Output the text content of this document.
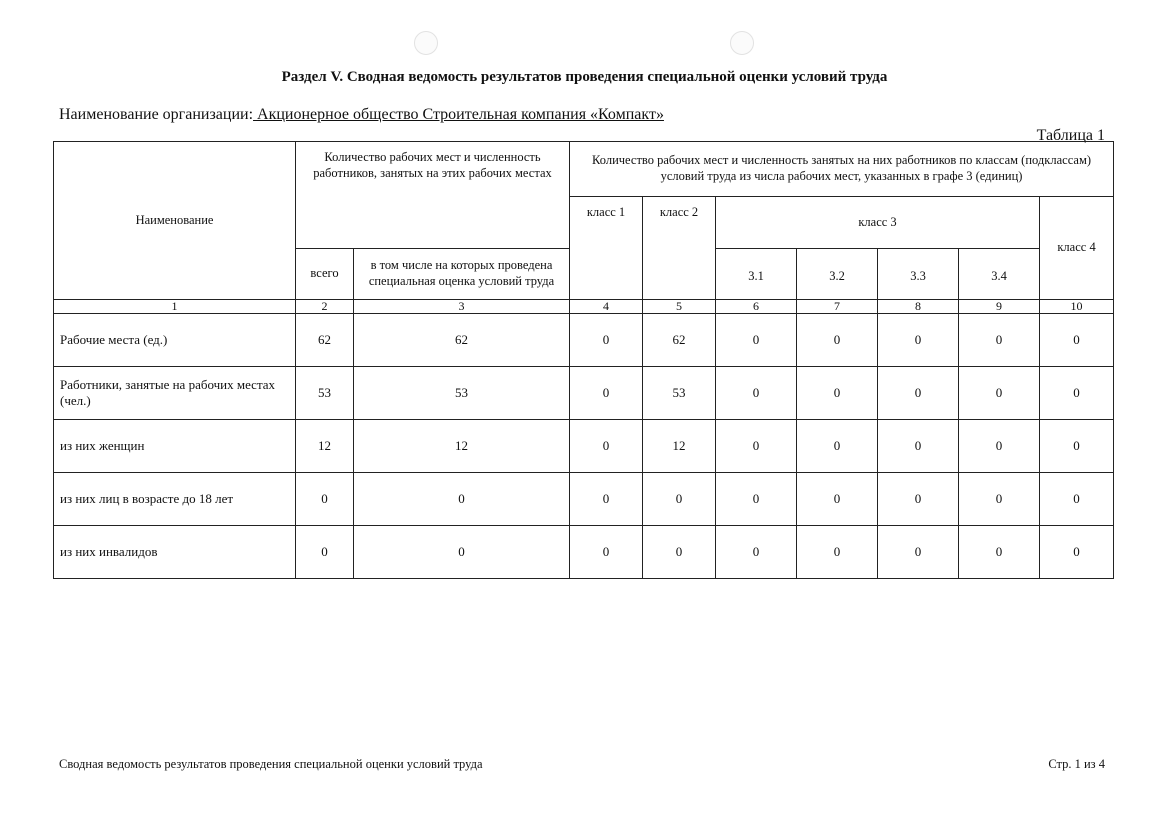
Раздел V. Сводная ведомость результатов проведения специальной оценки условий труда
Наименование организации: Акционерное общество Строительная компания «Компакт»
Таблица 1
Наименование	Количество рабочих мест и численность работников, занятых на этих рабочих местах		Количество рабочих мест и численность занятых на них работников по классам (подклассам) условий труда из числа рабочих мест, указанных в графе 3 (единиц)						
			класс 1	класс 2	класс 3				класс 4
	всего	в том числе на которых проведена специальная оценка условий труда			3.1	3.2	3.3	3.4	
1	2	3	4	5	6	7	8	9	10
Рабочие места (ед.)	62	62	0	62	0	0	0	0	0
Работники, занятые на рабочих местах (чел.)	53	53	0	53	0	0	0	0	0
из них женщин	12	12	0	12	0	0	0	0	0
из них лиц в возрасте до 18 лет	0	0	0	0	0	0	0	0	0
из них инвалидов	0	0	0	0	0	0	0	0	0
Сводная ведомость результатов проведения специальной оценки условий труда	Стр. 1 из 4
